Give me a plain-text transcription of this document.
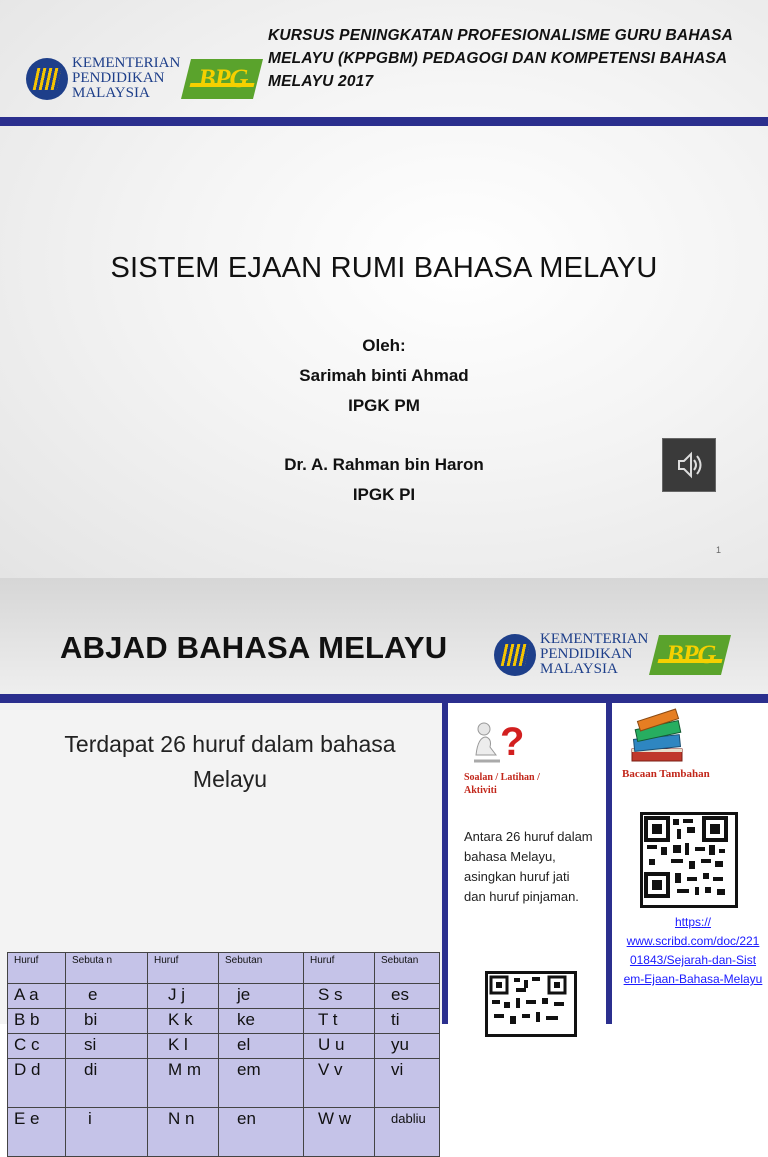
KURSUS PENINGKATAN PROFESIONALISME GURU BAHASA
MELAYU (KPPGBM) PEDAGOGI DAN KOMPETENSI BAHASA
MELAYU 2017
KEMENTERIAN
PENDIDIKAN
MALAYSIA
BPG
SISTEM EJAAN RUMI BAHASA MELAYU
Oleh:
Sarimah binti Ahmad
IPGK PM
Dr. A. Rahman bin Haron
IPGK PI
1
ABJAD BAHASA MELAYU	KEMENTERIAN
PENDIDIKAN
MALAYSIA
BPG
Terdapat 26 huruf dalam bahasa Melayu
Huruf	Sebuta n	Huruf	Sebutan	Huruf	Sebutan
A a	e	J j	je	S s	es
B b	bi	K k	ke	T t	ti
C c	si	K l	el	U u	yu
D d	di	M m	em	V v	vi
E e	i	N n	en	W w	dabliu
?
Soalan / Latihan / Aktiviti
Antara 26 huruf dalam bahasa Melayu, asingkan huruf jati dan huruf pinjaman.
Bacaan Tambahan
https://
www.scribd.com/doc/221
01843/Sejarah-dan-Sist
em-Ejaan-Bahasa-Melayu
